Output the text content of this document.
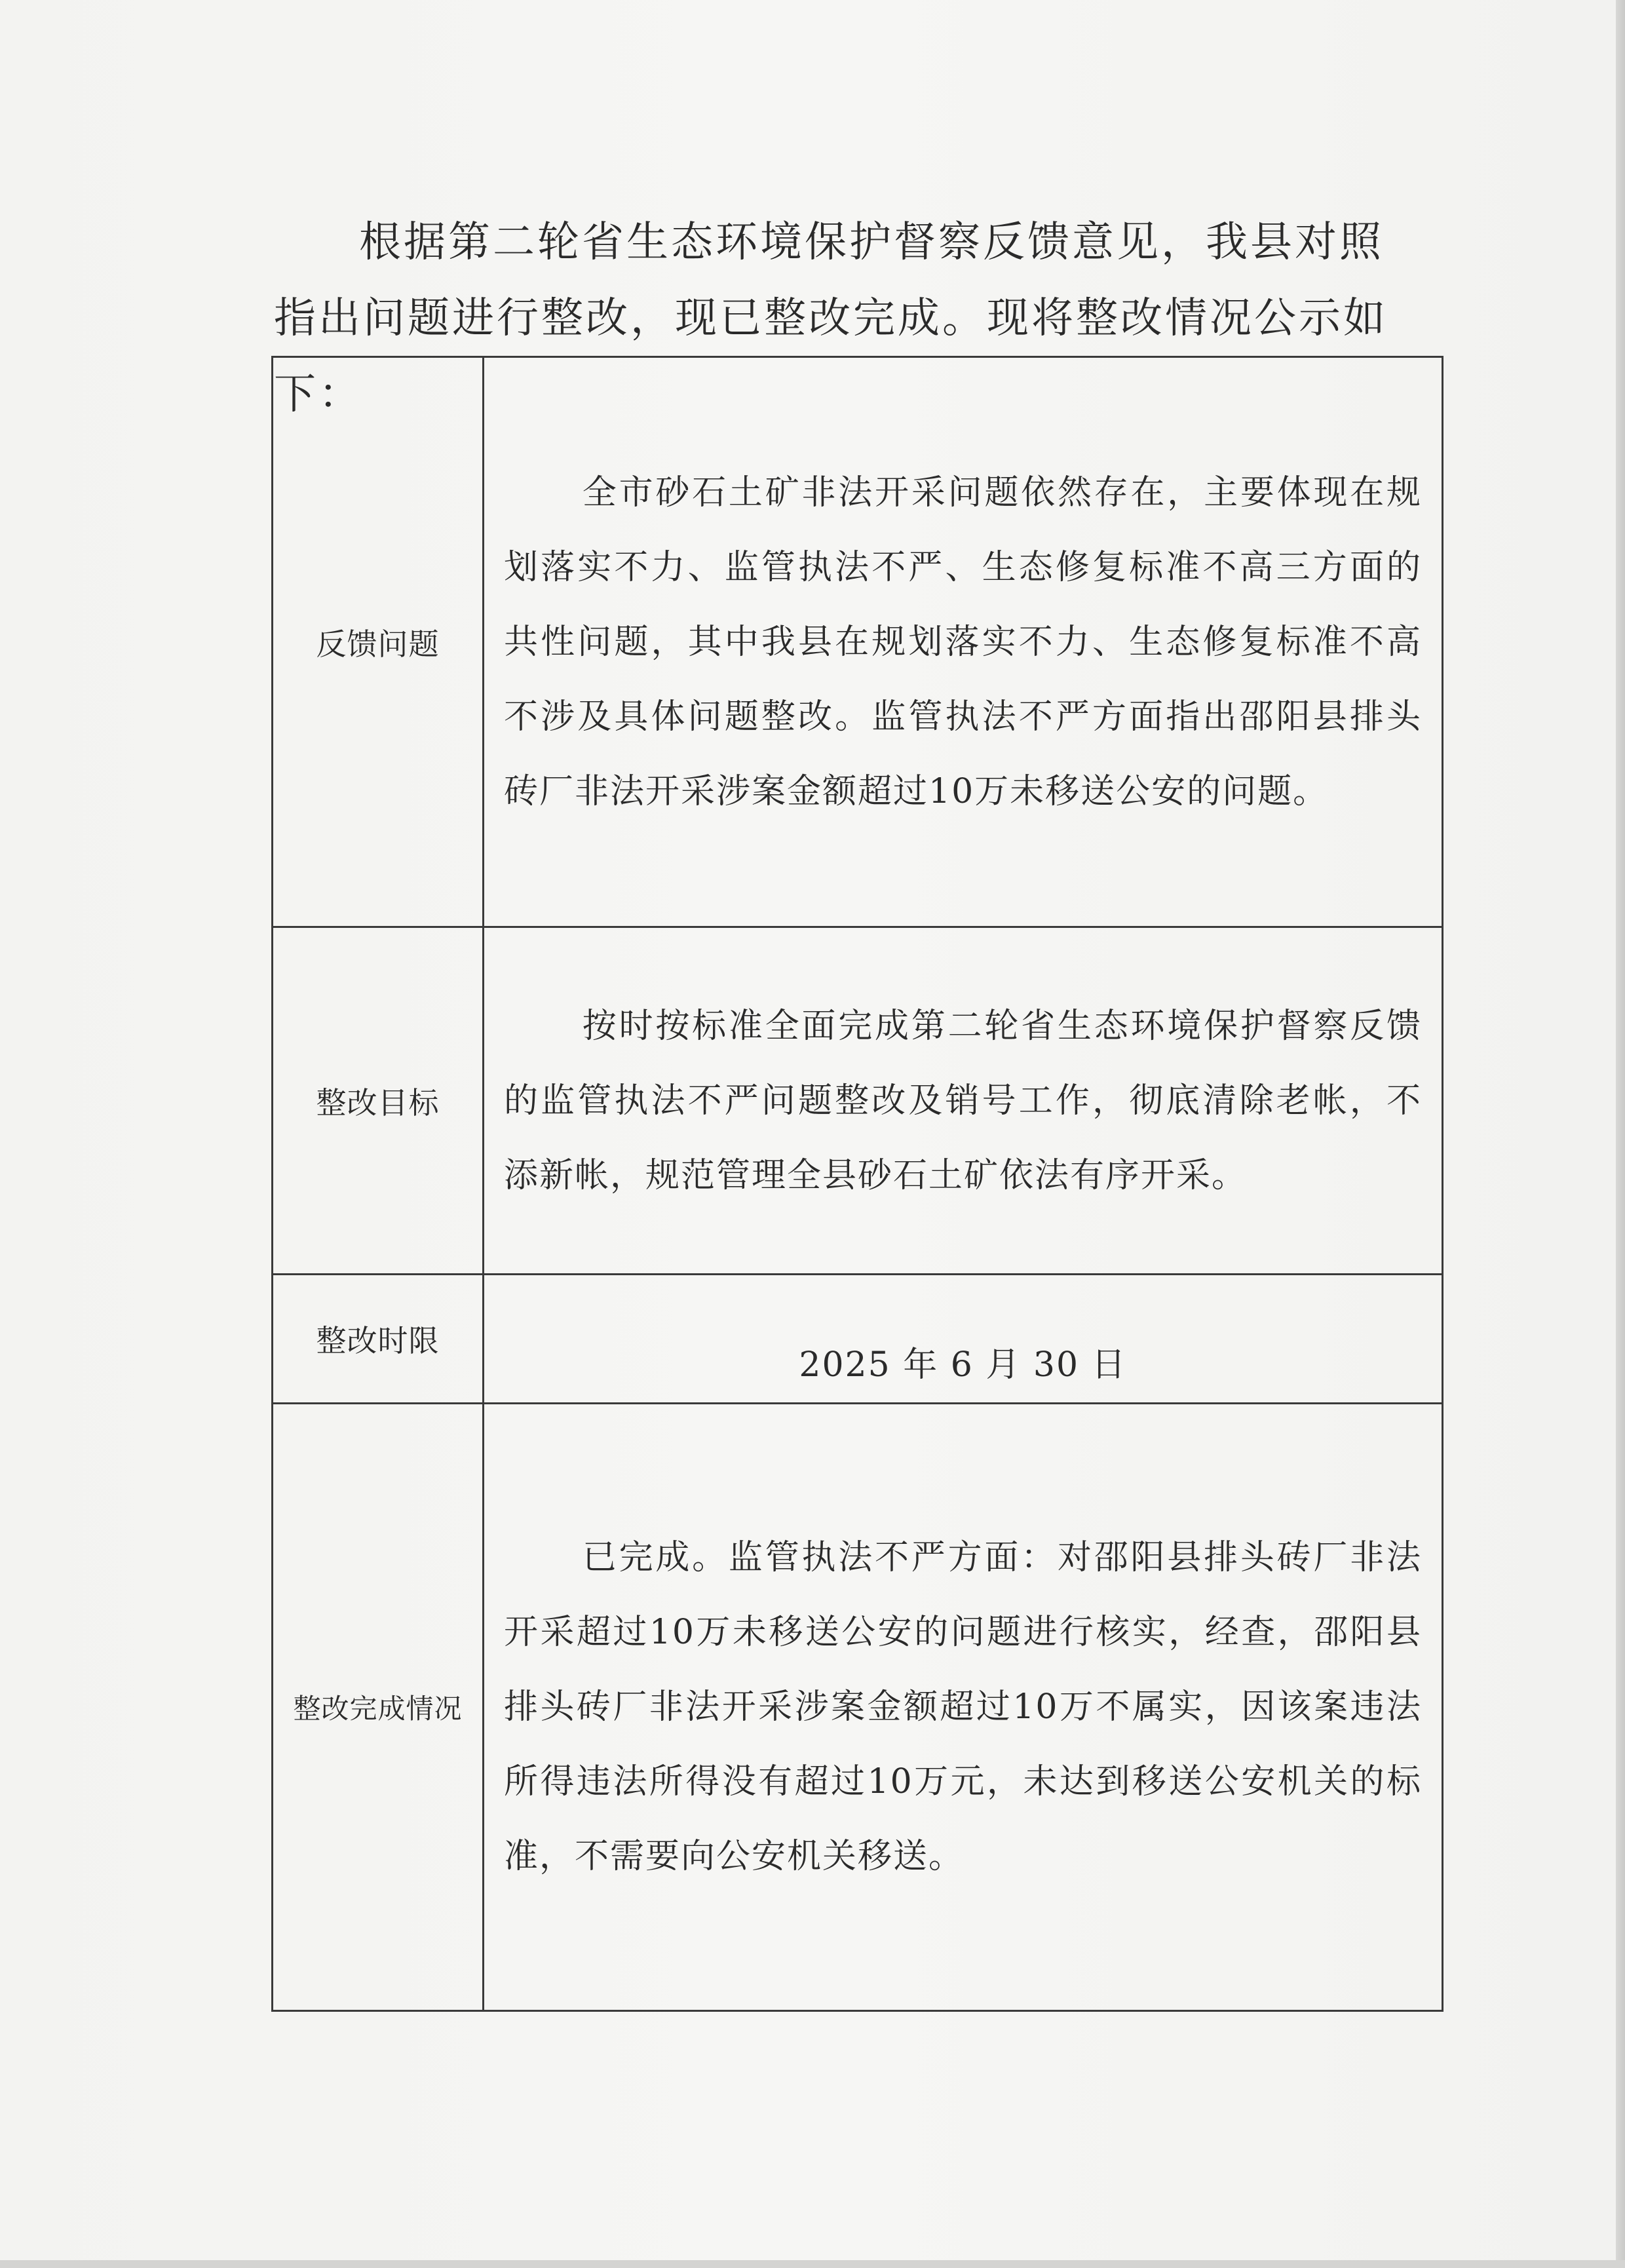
根据第二轮省生态环境保护督察反馈意见，我县对照指出问题进行整改，现已整改完成。现将整改情况公示如下：

反馈问题	全市砂石土矿非法开采问题依然存在，主要体现在规划落实不力、监管执法不严、生态修复标准不高三方面的共性问题，其中我县在规划落实不力、生态修复标准不高不涉及具体问题整改。监管执法不严方面指出邵阳县排头砖厂非法开采涉案金额超过10万未移送公安的问题。
整改目标	按时按标准全面完成第二轮省生态环境保护督察反馈的监管执法不严问题整改及销号工作，彻底清除老帐，不添新帐，规范管理全县砂石土矿依法有序开采。
整改时限	2025 年 6 月 30 日
整改完成情况	已完成。监管执法不严方面：对邵阳县排头砖厂非法开采超过10万未移送公安的问题进行核实，经查，邵阳县排头砖厂非法开采涉案金额超过10万不属实，因该案违法所得违法所得没有超过10万元，未达到移送公安机关的标准，不需要向公安机关移送。
